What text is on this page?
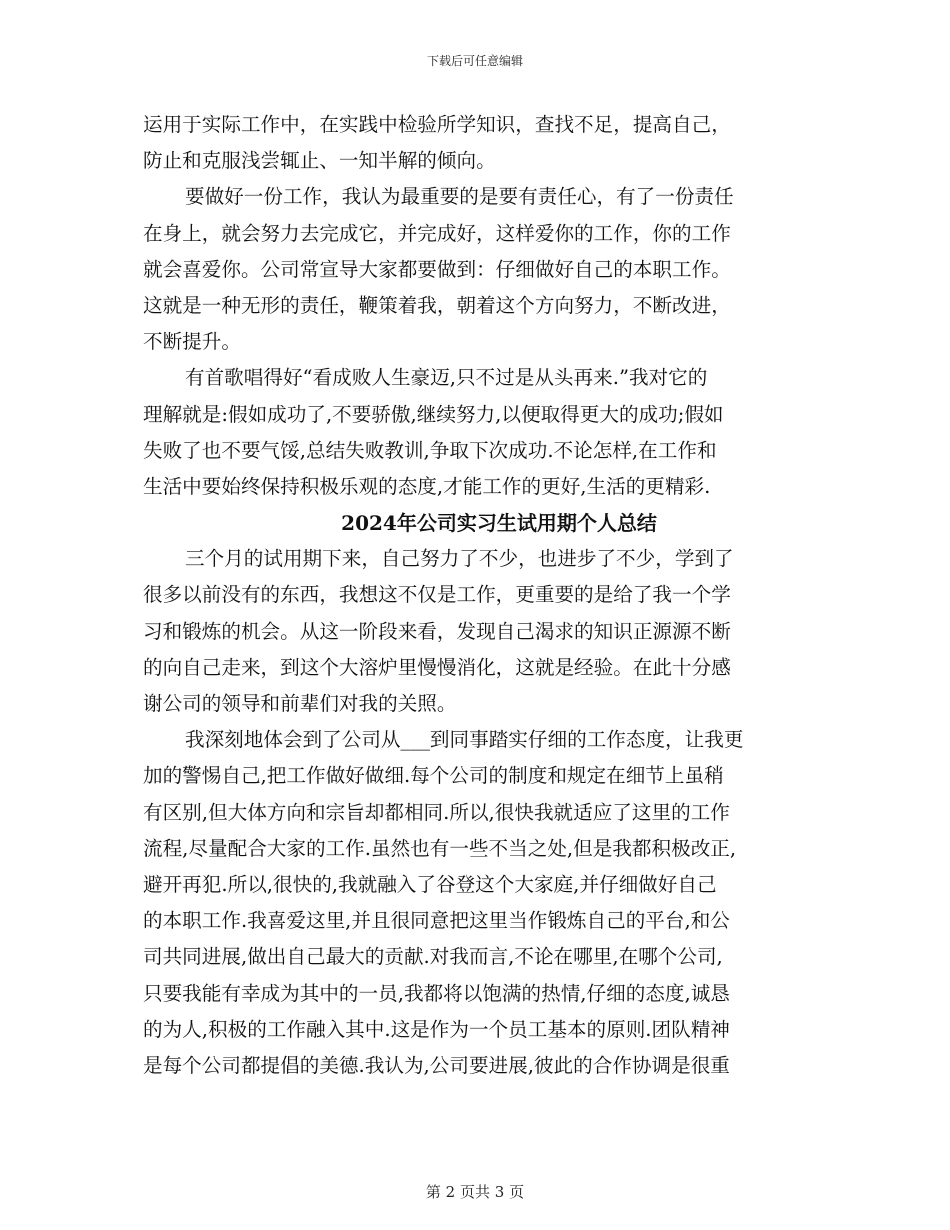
下载后可任意编辑
运用于实际工作中，在实践中检验所学知识，查找不足，提高自己，
防止和克服浅尝辄止、一知半解的倾向。
要做好一份工作，我认为最重要的是要有责任心，有了一份责任
在身上，就会努力去完成它，并完成好，这样爱你的工作，你的工作
就会喜爱你。公司常宣导大家都要做到：仔细做好自己的本职工作。
这就是一种无形的责任，鞭策着我，朝着这个方向努力，不断改进，
不断提升。
有首歌唱得好“看成败人生豪迈,只不过是从头再来.”我对它的
理解就是:假如成功了,不要骄傲,继续努力,以便取得更大的成功;假如
失败了也不要气馁,总结失败教训,争取下次成功.不论怎样,在工作和
生活中要始终保持积极乐观的态度,才能工作的更好,生活的更精彩.
2024年公司实习生试用期个人总结
三个月的试用期下来，自己努力了不少，也进步了不少，学到了
很多以前没有的东西，我想这不仅是工作，更重要的是给了我一个学
习和锻炼的机会。从这一阶段来看，发现自己渴求的知识正源源不断
的向自己走来，到这个大溶炉里慢慢消化，这就是经验。在此十分感
谢公司的领导和前辈们对我的关照。
我深刻地体会到了公司从___到同事踏实仔细的工作态度，让我更
加的警惕自己,把工作做好做细.每个公司的制度和规定在细节上虽稍
有区别,但大体方向和宗旨却都相同.所以,很快我就适应了这里的工作
流程,尽量配合大家的工作.虽然也有一些不当之处,但是我都积极改正,
避开再犯.所以,很快的,我就融入了谷登这个大家庭,并仔细做好自己
的本职工作.我喜爱这里,并且很同意把这里当作锻炼自己的平台,和公
司共同进展,做出自己最大的贡献.对我而言,不论在哪里,在哪个公司,
只要我能有幸成为其中的一员,我都将以饱满的热情,仔细的态度,诚恳
的为人,积极的工作融入其中.这是作为一个员工基本的原则.团队精神
是每个公司都提倡的美德.我认为,公司要进展,彼此的合作协调是很重
第 2 页共 3 页
